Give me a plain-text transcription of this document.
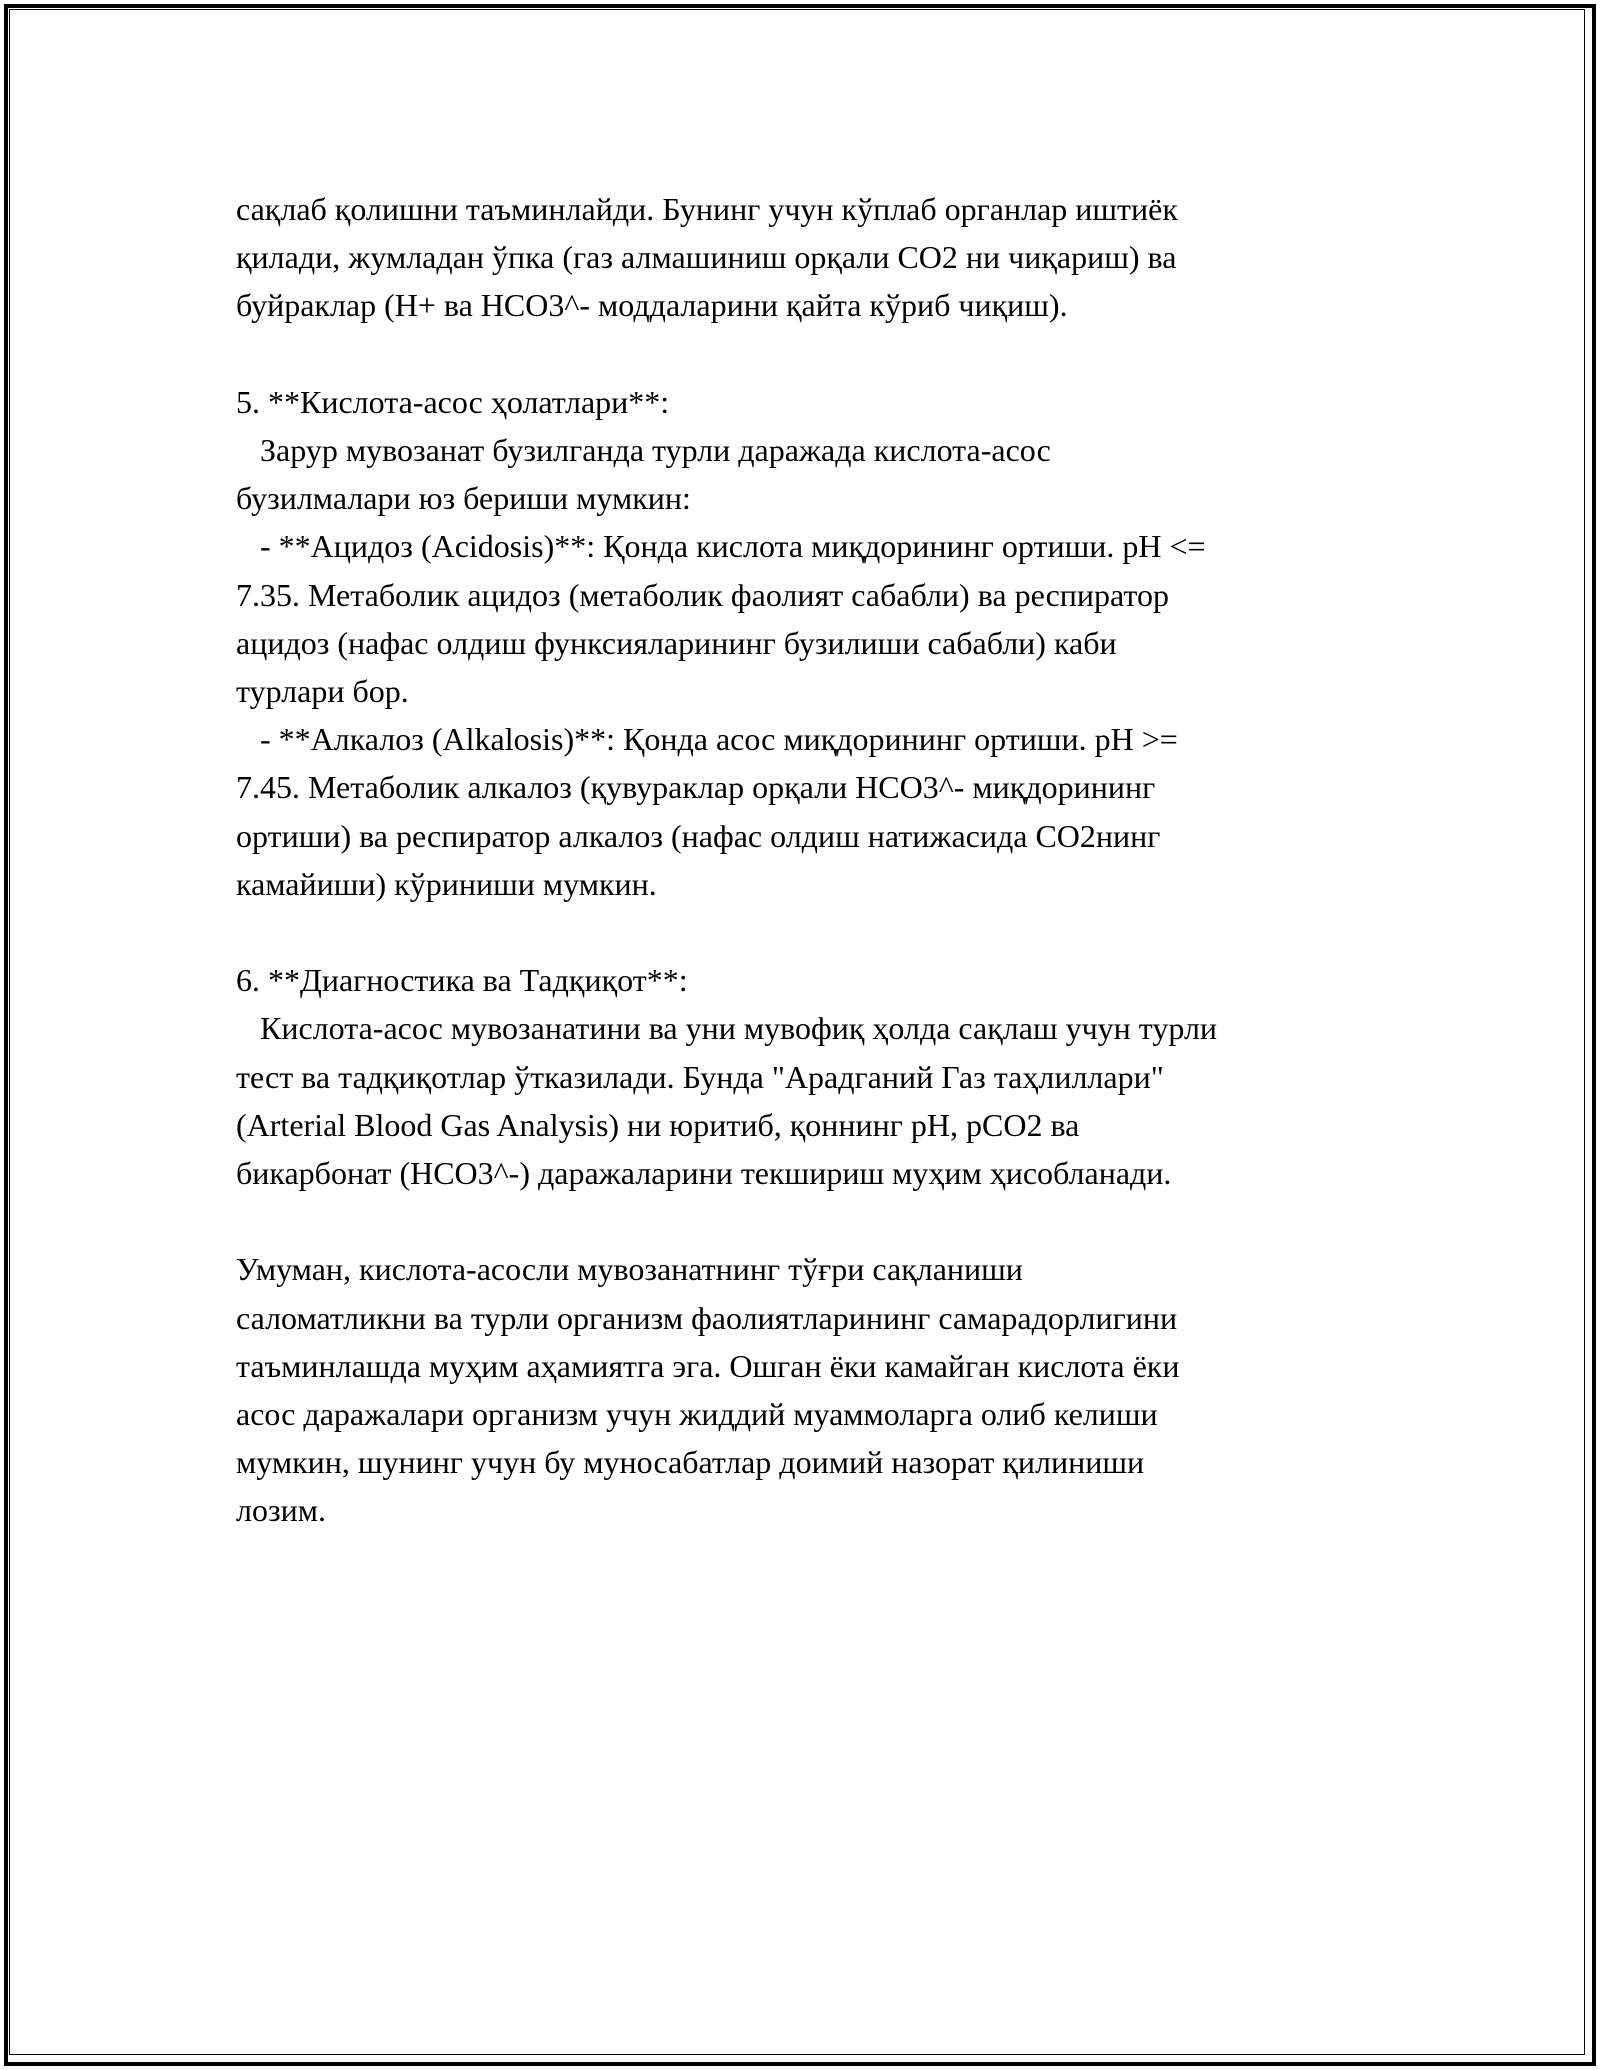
сақлаб қолишни таъминлайди. Бунинг учун кўплаб органлар иштиёк
қилади, жумладан ўпка (газ алмашиниш орқали CO2 ни чиқариш) ва
буйраклар (H+ ва HCO3^- моддаларини қайта кўриб чиқиш).
5. **Кислота-асос ҳолатлари**:
Зарур мувозанат бузилганда турли даражада кислота-асос
бузилмалари юз бериши мумкин:
- **Ацидоз (Acidosis)**: Қонда кислота миқдорининг ортиши. pH <=
7.35. Метаболик ацидоз (метаболик фаолият сабабли) ва респиратор
ацидоз (нафас олдиш функсияларининг бузилиши сабабли) каби
турлари бор.
- **Алкалоз (Alkalosis)**: Қонда асос миқдорининг ортиши. pH >=
7.45. Метаболик алкалоз (қувураклар орқали HCO3^- миқдорининг
ортиши) ва респиратор алкалоз (нафас олдиш натижасида CO2нинг
камайиши) кўриниши мумкин.
6. **Диагностика ва Тадқиқот**:
Кислота-асос мувозанатини ва уни мувофиқ ҳолда сақлаш учун турли
тест ва тадқиқотлар ўтказилади. Бунда "Арадганий Газ таҳлиллари"
(Arterial Blood Gas Analysis) ни юритиб, қоннинг pH, pCO2 ва
бикарбонат (HCO3^-) даражаларини текшириш муҳим ҳисобланади.
Умуман, кислота-асосли мувозанатнинг тўғри сақланиши
саломатликни ва турли организм фаолиятларининг самарадорлигини
таъминлашда муҳим аҳамиятга эга. Ошган ёки камайган кислота ёки
асос даражалари организм учун жиддий муаммоларга олиб келиши
мумкин, шунинг учун бу муносабатлар доимий назорат қилиниши
лозим.
